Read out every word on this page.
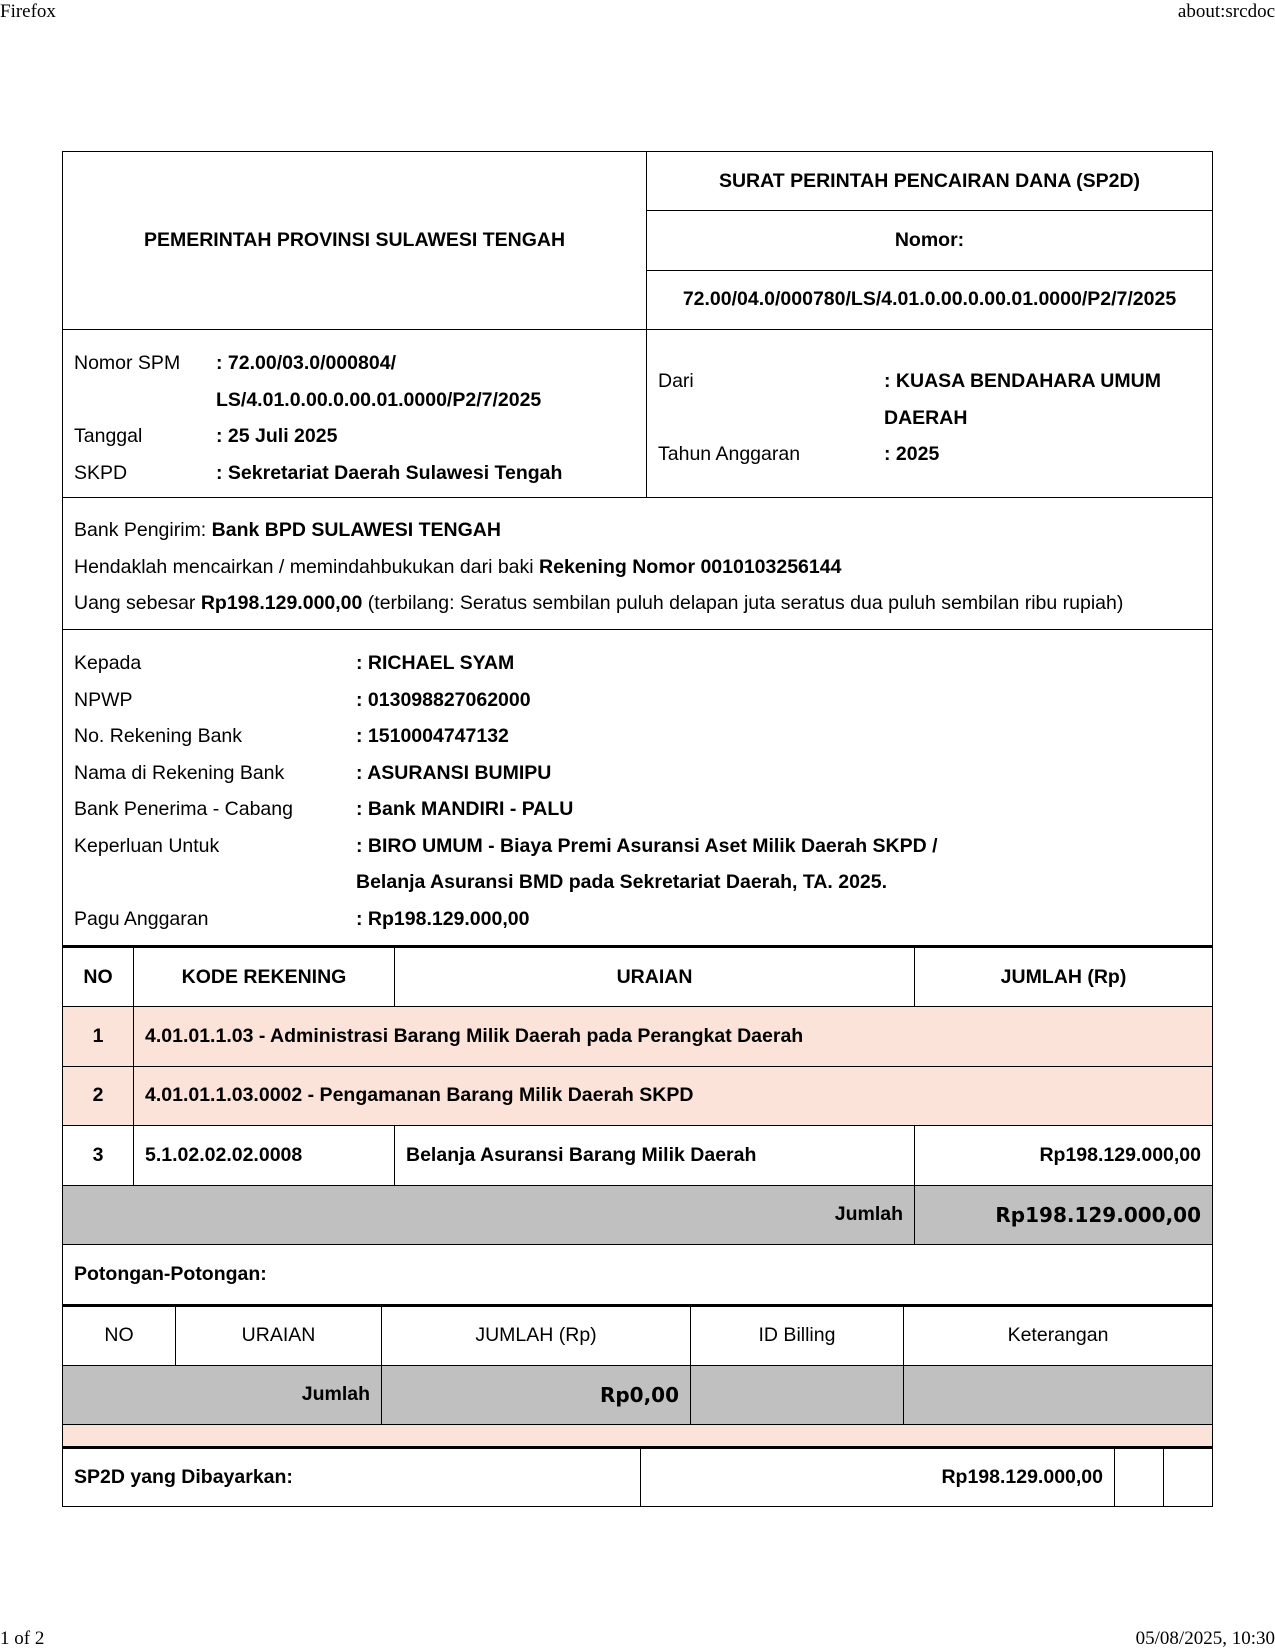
Firefox	about:srcdoc
PEMERINTAH PROVINSI SULAWESI TENGAH
SURAT PERINTAH PENCAIRAN DANA (SP2D)
Nomor:
72.00/04.0/000780/LS/4.01.0.00.0.00.01.0000/P2/7/2025
Nomor SPM	: 72.00/03.0/000804/
LS/4.01.0.00.0.00.01.0000/P2/7/2025
Tanggal	: 25 Juli 2025
SKPD	: Sekretariat Daerah Sulawesi Tengah
Dari	: KUASA BENDAHARA UMUM DAERAH
Tahun Anggaran	: 2025
Bank Pengirim: Bank BPD SULAWESI TENGAH
Hendaklah mencairkan / memindahbukukan dari baki Rekening Nomor 0010103256144
Uang sebesar Rp198.129.000,00 (terbilang: Seratus sembilan puluh delapan juta seratus dua puluh sembilan ribu rupiah)
Kepada	: RICHAEL SYAM
NPWP	: 013098827062000
No. Rekening Bank	: 1510004747132
Nama di Rekening Bank	: ASURANSI BUMIPU
Bank Penerima - Cabang	: Bank MANDIRI - PALU
Keperluan Untuk	: BIRO UMUM - Biaya Premi Asuransi Aset Milik Daerah SKPD /
Belanja Asuransi BMD pada Sekretariat Daerah, TA. 2025.
Pagu Anggaran	: Rp198.129.000,00
NO	KODE REKENING	URAIAN	JUMLAH (Rp)
1	4.01.01.1.03 - Administrasi Barang Milik Daerah pada Perangkat Daerah		
2	4.01.01.1.03.0002 - Pengamanan Barang Milik Daerah SKPD		
3	5.1.02.02.02.0008	Belanja Asuransi Barang Milik Daerah	Rp198.129.000,00
Jumlah			Rp198.129.000,00
Potongan-Potongan:
NO	URAIAN	JUMLAH (Rp)	ID Billing	Keterangan
Jumlah		Rp0,00		
SP2D yang Dibayarkan:	Rp198.129.000,00		
1 of 2	05/08/2025, 10:30
